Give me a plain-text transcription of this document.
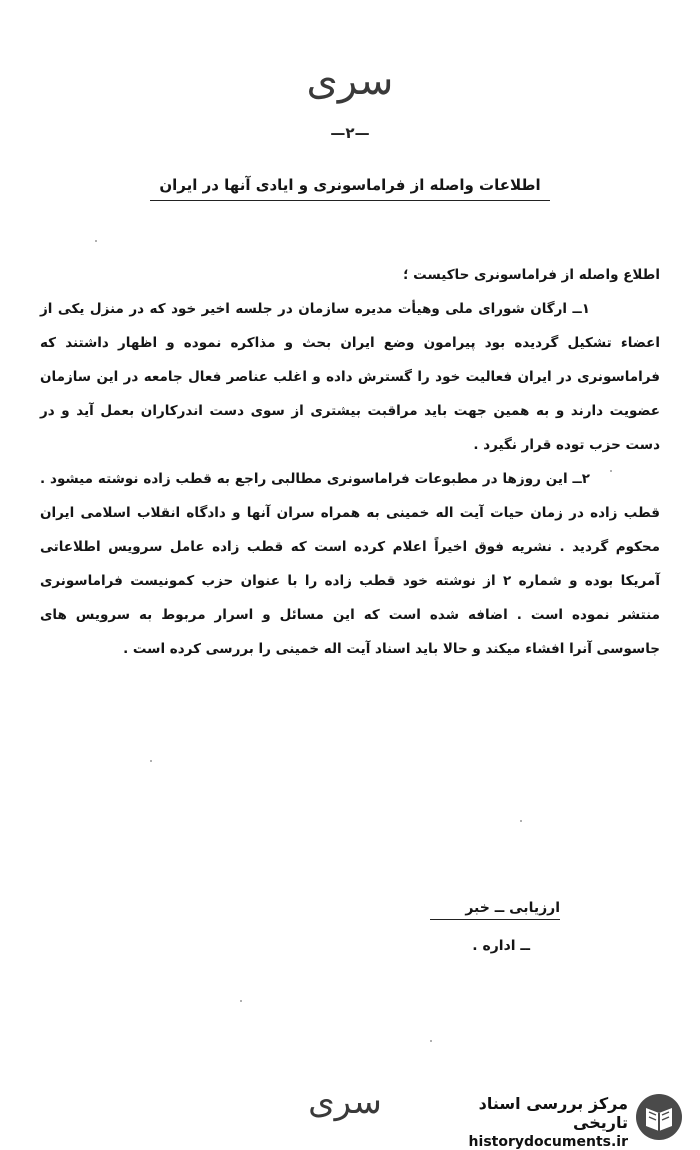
سری
—۲—
اطلاعات واصله از فراماسونری و ایادی آنها در ایران

اطلاع واصله از فراماسونری حاکیست ؛

۱ــ ارگان شورای ملی وهیأت مدیره سازمان در جلسه اخیر خود که در منزل یکی از اعضاء تشکیل گردیده بود پیرامون وضع ایران بحث و مذاکره نموده و اظهار داشتند که فراماسونری در ایران فعالیت خود را گسترش داده و اغلب عناصر فعال جامعه در این سازمان عضویت دارند و به همین جهت باید مراقبت بیشتری از سوی دست اندرکاران بعمل آید و در دست حزب توده قرار نگیرد .

۲ــ این روزها در مطبوعات فراماسونری مطالبی راجع به قطب زاده نوشته میشود . قطب زاده در زمان حیات آیت اله خمینی به همراه سران آنها و دادگاه انقلاب اسلامی ایران محکوم گردید . نشریه فوق اخیراً اعلام کرده است که قطب زاده عامل سرویس اطلاعاتی آمریکا بوده و شماره ۲ از نوشته خود قطب زاده را با عنوان حزب کمونیست فراماسونری منتشر نموده است . اضافه شده است که این مسائل و اسرار مربوط به سرویس های جاسوسی آنرا افشاء میکند و حالا باید اسناد آیت اله خمینی را بررسی کرده است .

ارزیابی ــ خبر
ــ اداره .
سری	مرکز بررسی اسناد تاریخی
historydocuments.ir
